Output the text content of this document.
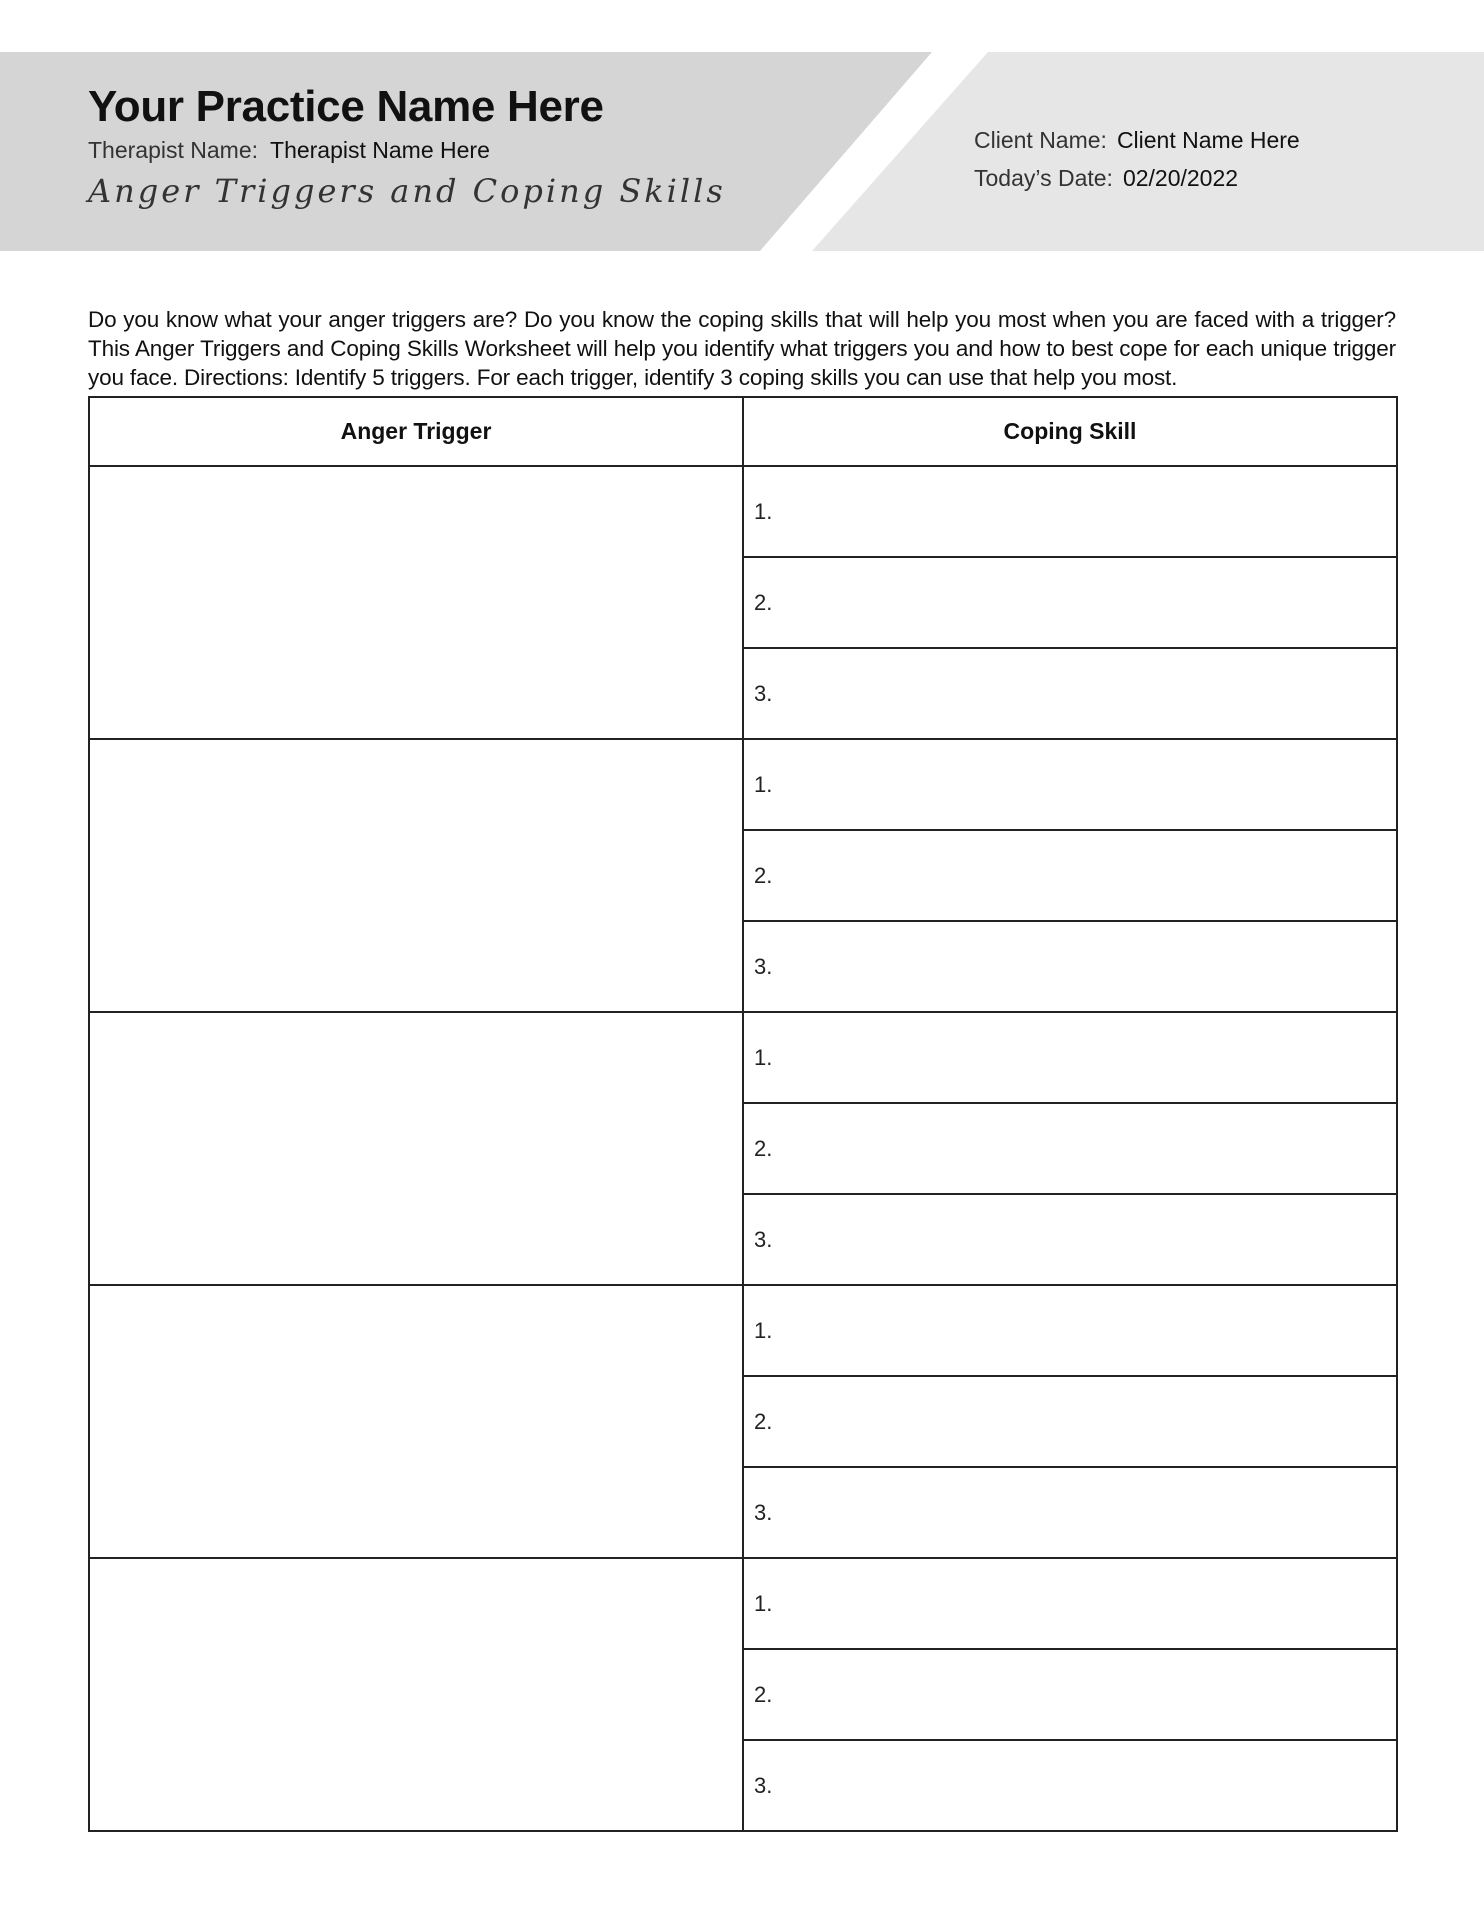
Your Practice Name Here
Therapist Name: Therapist Name Here
Anger Triggers and Coping Skills
Client Name: Client Name Here
Today’s Date: 02/20/2022

Do you know what your anger triggers are? Do you know the coping skills that will help you most when you are faced with a trigger? This Anger Triggers and Coping Skills Worksheet will help you identify what triggers you and how to best cope for each unique trigger you face. Directions: Identify 5 triggers. For each trigger, identify 3 coping skills you can use that help you most.

Anger Trigger	Coping Skill
	1.
	2.
	3.
	1.
	2.
	3.
	1.
	2.
	3.
	1.
	2.
	3.
	1.
	2.
	3.
